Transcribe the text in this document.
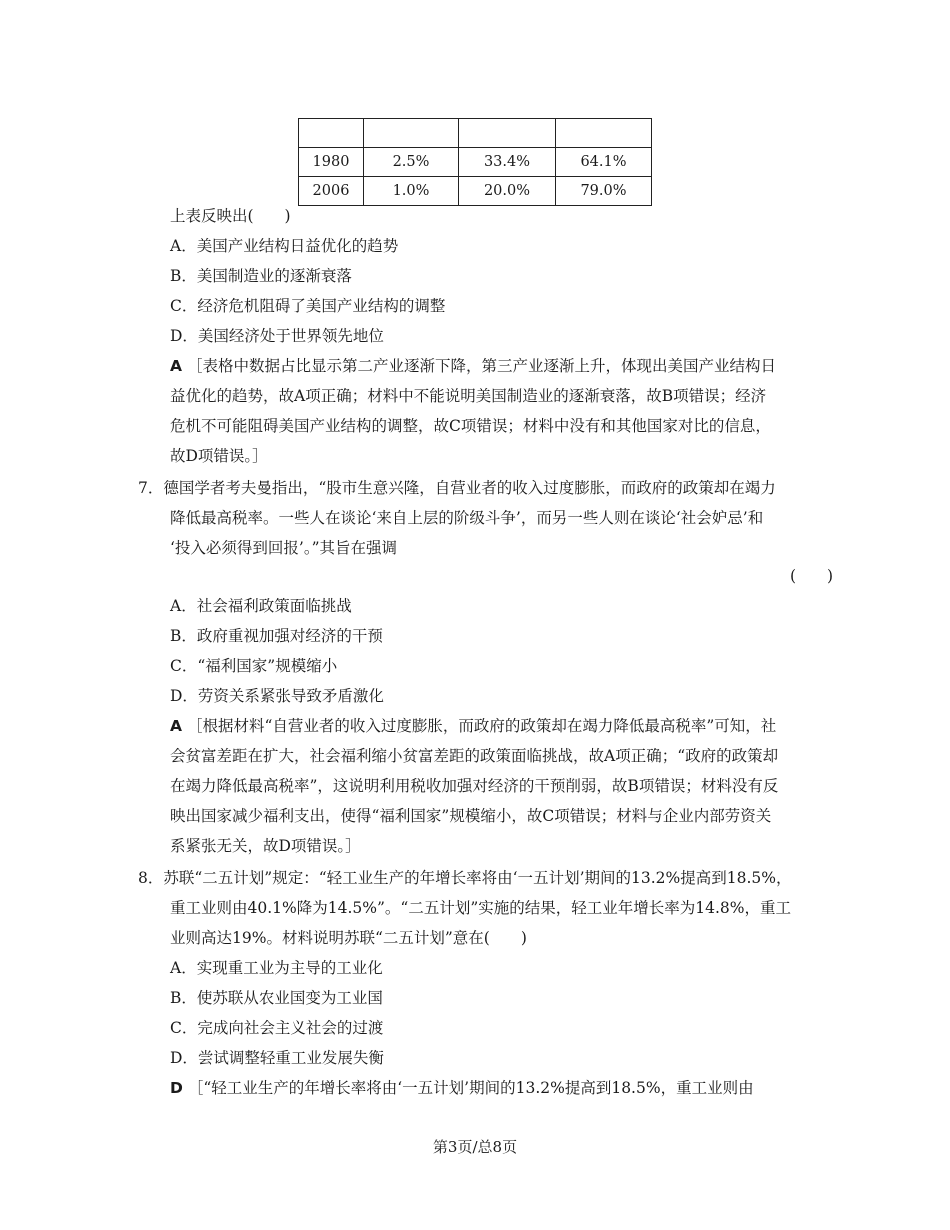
1980	2.5%	33.4%	64.1%
2006	1.0%	20.0%	79.0%
上表反映出(　　)
A．美国产业结构日益优化的趋势
B．美国制造业的逐渐衰落
C．经济危机阻碍了美国产业结构的调整
D．美国经济处于世界领先地位
A ［表格中数据占比显示第二产业逐渐下降，第三产业逐渐上升，体现出美国产业结构日
益优化的趋势，故A项正确；材料中不能说明美国制造业的逐渐衰落，故B项错误；经济
危机不可能阻碍美国产业结构的调整，故C项错误；材料中没有和其他国家对比的信息，
故D项错误。］
7．德国学者考夫曼指出，“股市生意兴隆，自营业者的收入过度膨胀，而政府的政策却在竭力
降低最高税率。一些人在谈论‘来自上层的阶级斗争’，而另一些人则在谈论‘社会妒忌’和
‘投入必须得到回报’。”其旨在强调
(　　)
A．社会福利政策面临挑战
B．政府重视加强对经济的干预
C．“福利国家”规模缩小
D．劳资关系紧张导致矛盾激化
A ［根据材料“自营业者的收入过度膨胀，而政府的政策却在竭力降低最高税率”可知，社
会贫富差距在扩大，社会福利缩小贫富差距的政策面临挑战，故A项正确；“政府的政策却
在竭力降低最高税率”，这说明利用税收加强对经济的干预削弱，故B项错误；材料没有反
映出国家减少福利支出，使得“福利国家”规模缩小，故C项错误；材料与企业内部劳资关
系紧张无关，故D项错误。］
8．苏联“二五计划”规定：“轻工业生产的年增长率将由‘一五计划’期间的13.2%提高到18.5%，
重工业则由40.1%降为14.5%”。“二五计划”实施的结果，轻工业年增长率为14.8%，重工
业则高达19%。材料说明苏联“二五计划”意在(　　)
A．实现重工业为主导的工业化
B．使苏联从农业国变为工业国
C．完成向社会主义社会的过渡
D．尝试调整轻重工业发展失衡
D ［“轻工业生产的年增长率将由‘一五计划’期间的13.2%提高到18.5%，重工业则由
第3页/总8页
